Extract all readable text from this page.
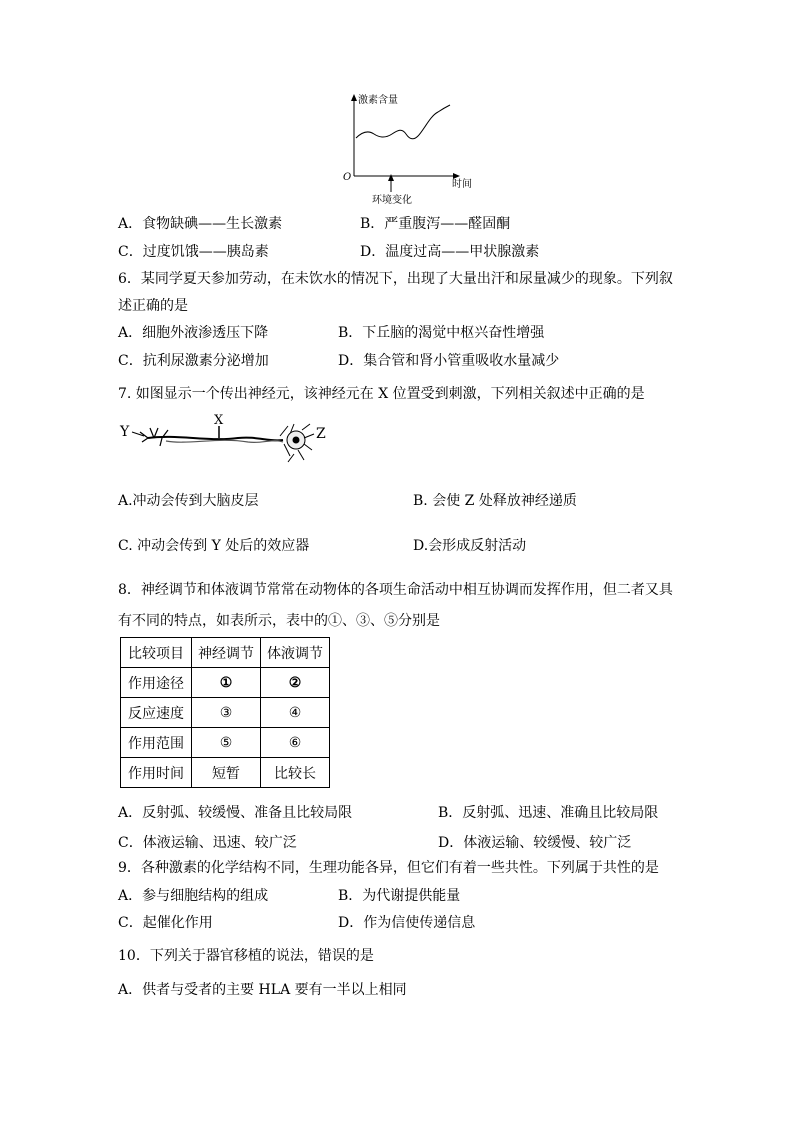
激素含量
O
时间
环境变化
A．食物缺碘——生长激素	B．严重腹泻——醛固酮
C．过度饥饿——胰岛素	D．温度过高——甲状腺激素
6．某同学夏天参加劳动，在未饮水的情况下，出现了大量出汗和尿量减少的现象。下列叙
述正确的是
A．细胞外液渗透压下降	B．下丘脑的渴觉中枢兴奋性增强
C．抗利尿激素分泌增加	D．集合管和肾小管重吸收水量减少
7. 如图显示一个传出神经元，该神经元在 X 位置受到刺激，下列相关叙述中正确的是
X
Y	Z
A.冲动会传到大脑皮层	B. 会使 Z 处释放神经递质
C. 冲动会传到 Y 处后的效应器	D.会形成反射活动
8．神经调节和体液调节常常在动物体的各项生命活动中相互协调而发挥作用，但二者又具
有不同的特点，如表所示，表中的①、③、⑤分别是
比较项目	神经调节	体液调节
作用途径	①	②
反应速度	③	④
作用范围	⑤	⑥
作用时间	短暂	比较长
A．反射弧、较缓慢、准备且比较局限	B．反射弧、迅速、准确且比较局限
C．体液运输、迅速、较广泛	D．体液运输、较缓慢、较广泛
9．各种激素的化学结构不同，生理功能各异，但它们有着一些共性。下列属于共性的是
A．参与细胞结构的组成	B．为代谢提供能量
C．起催化作用	D．作为信使传递信息
10．下列关于器官移植的说法，错误的是
A．供者与受者的主要 HLA 要有一半以上相同
